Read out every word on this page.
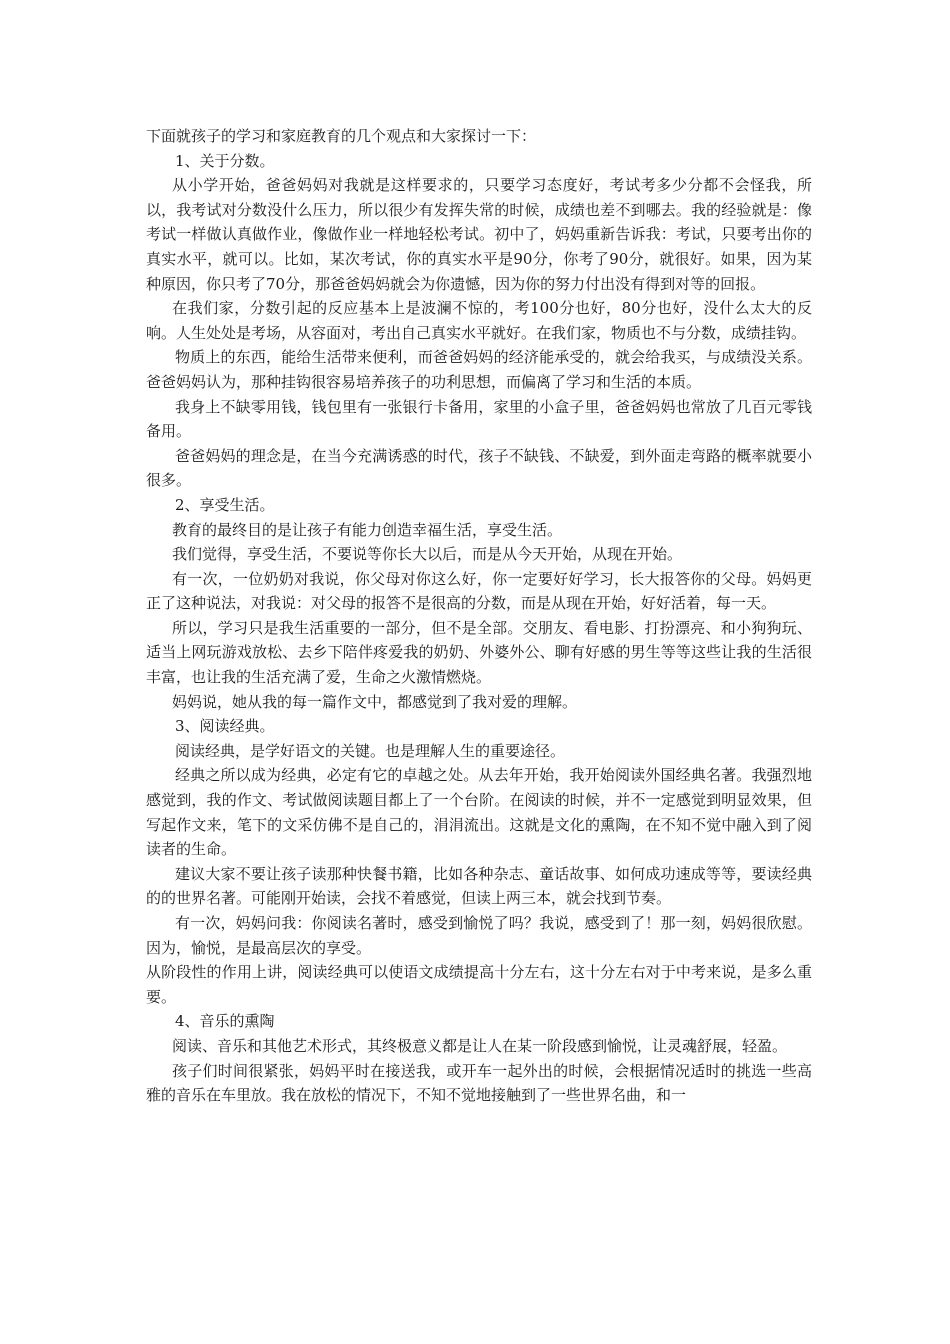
下面就孩子的学习和家庭教育的几个观点和大家探讨一下：

1、关于分数。

从小学开始，爸爸妈妈对我就是这样要求的，只要学习态度好，考试考多少分都不会怪我，所以，我考试对分数没什么压力，所以很少有发挥失常的时候，成绩也差不到哪去。我的经验就是：像考试一样做认真做作业，像做作业一样地轻松考试。初中了，妈妈重新告诉我：考试，只要考出你的真实水平，就可以。比如，某次考试，你的真实水平是90分，你考了90分，就很好。如果，因为某种原因，你只考了70分，那爸爸妈妈就会为你遗憾，因为你的努力付出没有得到对等的回报。

在我们家，分数引起的反应基本上是波澜不惊的，考100分也好，80分也好，没什么太大的反响。人生处处是考场，从容面对，考出自己真实水平就好。在我们家，物质也不与分数，成绩挂钩。

物质上的东西，能给生活带来便利，而爸爸妈妈的经济能承受的，就会给我买，与成绩没关系。爸爸妈妈认为，那种挂钩很容易培养孩子的功利思想，而偏离了学习和生活的本质。

我身上不缺零用钱，钱包里有一张银行卡备用，家里的小盒子里，爸爸妈妈也常放了几百元零钱备用。

爸爸妈妈的理念是，在当今充满诱惑的时代，孩子不缺钱、不缺爱，到外面走弯路的概率就要小很多。

2、享受生活。

教育的最终目的是让孩子有能力创造幸福生活，享受生活。

我们觉得，享受生活，不要说等你长大以后，而是从今天开始，从现在开始。

有一次，一位奶奶对我说，你父母对你这么好，你一定要好好学习，长大报答你的父母。妈妈更正了这种说法，对我说：对父母的报答不是很高的分数，而是从现在开始，好好活着，每一天。

所以，学习只是我生活重要的一部分，但不是全部。交朋友、看电影、打扮漂亮、和小狗狗玩、适当上网玩游戏放松、去乡下陪伴疼爱我的奶奶、外婆外公、聊有好感的男生等等这些让我的生活很丰富，也让我的生活充满了爱，生命之火激情燃烧。

妈妈说，她从我的每一篇作文中，都感觉到了我对爱的理解。

3、阅读经典。

阅读经典，是学好语文的关键。也是理解人生的重要途径。

经典之所以成为经典，必定有它的卓越之处。从去年开始，我开始阅读外国经典名著。我强烈地感觉到，我的作文、考试做阅读题目都上了一个台阶。在阅读的时候，并不一定感觉到明显效果，但写起作文来，笔下的文采仿佛不是自己的，涓涓流出。这就是文化的熏陶，在不知不觉中融入到了阅读者的生命。

建议大家不要让孩子读那种快餐书籍，比如各种杂志、童话故事、如何成功速成等等，要读经典的的世界名著。可能刚开始读，会找不着感觉，但读上两三本，就会找到节奏。

有一次，妈妈问我：你阅读名著时，感受到愉悦了吗？我说，感受到了！那一刻，妈妈很欣慰。因为，愉悦，是最高层次的享受。

从阶段性的作用上讲，阅读经典可以使语文成绩提高十分左右，这十分左右对于中考来说，是多么重要。

4、音乐的熏陶

阅读、音乐和其他艺术形式，其终极意义都是让人在某一阶段感到愉悦，让灵魂舒展，轻盈。

孩子们时间很紧张，妈妈平时在接送我，或开车一起外出的时候，会根据情况适时的挑选一些高雅的音乐在车里放。我在放松的情况下，不知不觉地接触到了一些世界名曲，和一
